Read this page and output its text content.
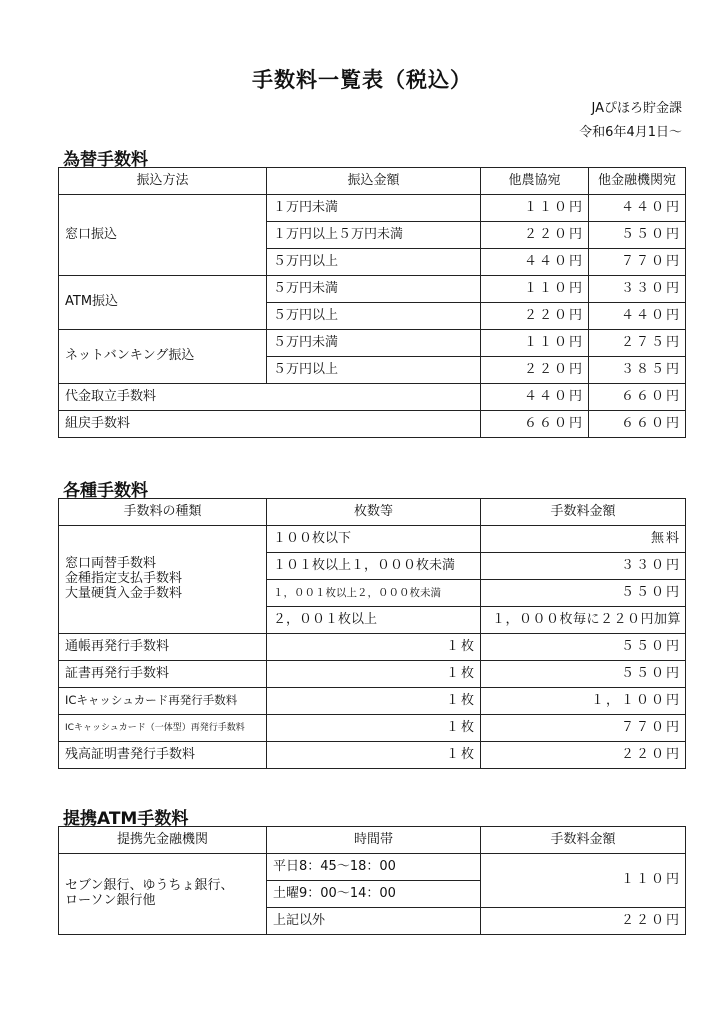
手数料一覧表（税込）
JAぴほろ貯金課
令和6年4月1日～
為替手数料
振込方法	振込金額	他農協宛	他金融機関宛
窓口振込	１万円未満	１１０円	４４０円
	１万円以上５万円未満	２２０円	５５０円
	５万円以上	４４０円	７７０円
ATM振込	５万円未満	１１０円	３３０円
	５万円以上	２２０円	４４０円
ネットバンキング振込	５万円未満	１１０円	２７５円
	５万円以上	２２０円	３８５円
代金取立手数料		４４０円	６６０円
組戻手数料		６６０円	６６０円
各種手数料
手数料の種類	枚数等	手数料金額
窓口両替手数料
金種指定支払手数料
大量硬貨入金手数料	１００枚以下	無料
	１０１枚以上１，０００枚未満	３３０円
	１，００１枚以上２，０００枚未満	５５０円
	２，００１枚以上	１，０００枚毎に２２０円加算
通帳再発行手数料	１枚	５５０円
証書再発行手数料	１枚	５５０円
ICキャッシュカード再発行手数料	１枚	１，１００円
ICキャッシュカード（一体型）再発行手数料	１枚	７７０円
残高証明書発行手数料	１枚	２２０円
提携ATM手数料
提携先金融機関	時間帯	手数料金額
セブン銀行、ゆうちょ銀行、
ローソン銀行他	平日8：45～18：00	１１０円
	土曜9：00～14：00	
	上記以外	２２０円
